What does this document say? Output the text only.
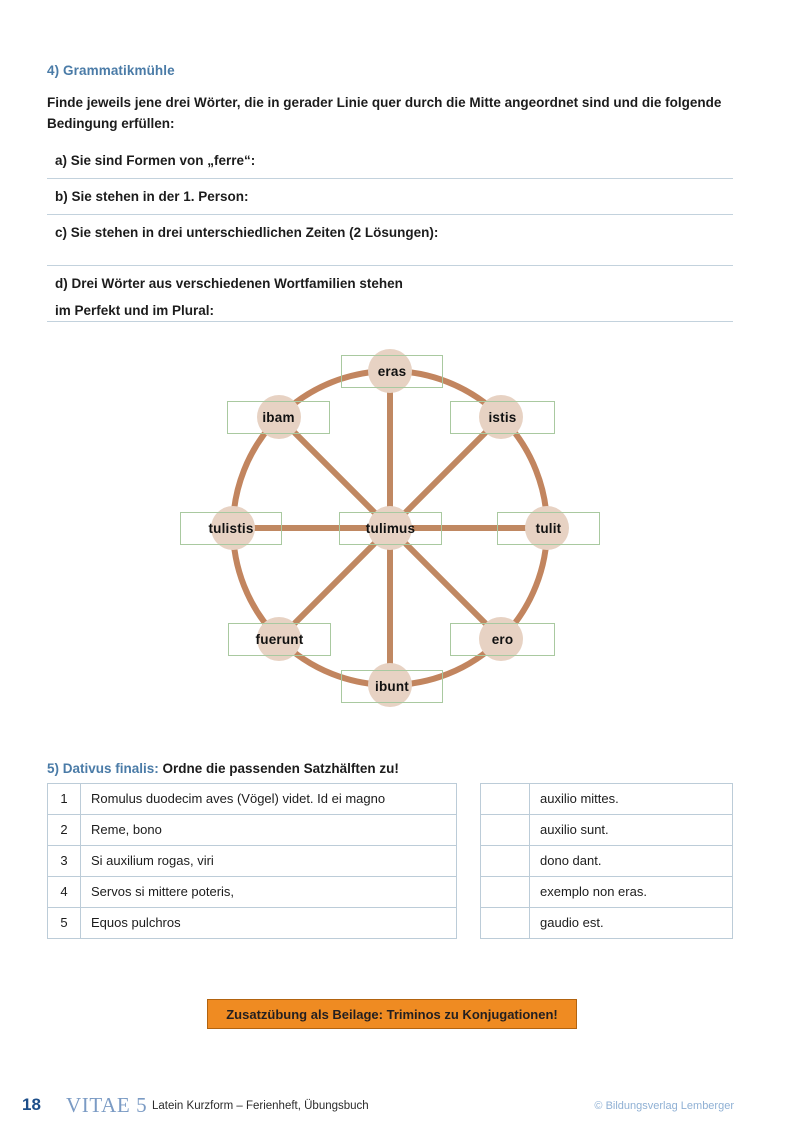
4) Grammatikmühle
Finde jeweils jene drei Wörter, die in gerader Linie quer durch die Mitte angeordnet sind und die folgende Bedingung erfüllen:
a) Sie sind Formen von „ferre“:
b) Sie stehen in der 1. Person:
c) Sie stehen in drei unterschiedlichen Zeiten (2 Lösungen):
d) Drei Wörter aus verschiedenen Wortfamilien stehen
im Perfekt und im Plural:
eras
istis
tulit
ero
ibunt
fuerunt
tulistis
ibam
tulimus
5) Dativus finalis: Ordne die passenden Satzhälften zu!
1	Romulus duodecim aves (Vögel) videt. Id ei magno
2	Reme, bono
3	Si auxilium rogas, viri
4	Servos si mittere poteris,
5	Equos pulchros
	auxilio mittes.
	auxilio sunt.
	dono dant.
	exemplo non eras.
	gaudio est.
Zusatzübung als Beilage: Triminos zu Konjugationen!
18 VITAE 5 Latein Kurzform – Ferienheft, Übungsbuch	© Bildungsverlag Lemberger
